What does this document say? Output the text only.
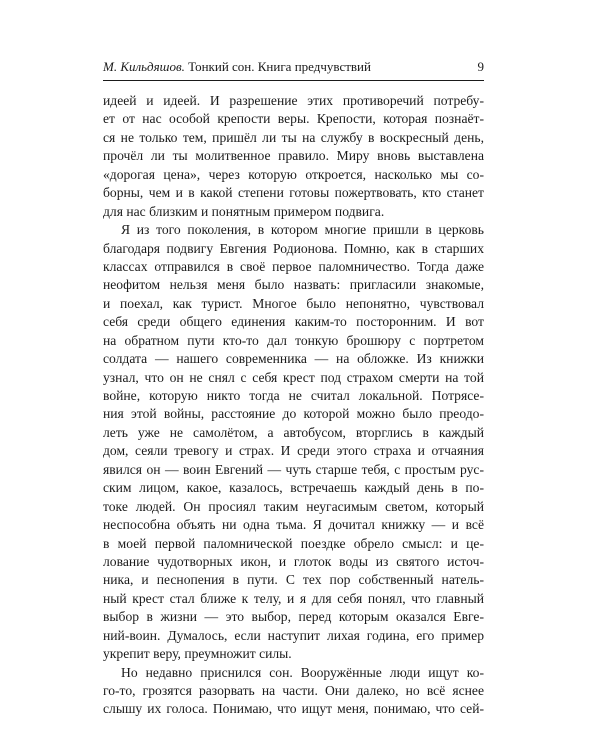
М. Кильдяшов. Тонкий сон. Книга предчувствий	9
идеей и идеей. И разрешение этих противоречий потребу-
ет от нас особой крепости веры. Крепости, которая познаёт-
ся не только тем, пришёл ли ты на службу в воскресный день,
прочёл ли ты молитвенное правило. Миру вновь выставлена
«дорогая цена», через которую откроется, насколько мы со-
борны, чем и в какой степени готовы пожертвовать, кто станет
для нас близким и понятным примером подвига.
Я из того поколения, в котором многие пришли в церковь
благодаря подвигу Евгения Родионова. Помню, как в старших
классах отправился в своё первое паломничество. Тогда даже
неофитом нельзя меня было назвать: пригласили знакомые,
и поехал, как турист. Многое было непонятно, чувствовал
себя среди общего единения каким-то посторонним. И вот
на обратном пути кто-то дал тонкую брошюру с портретом
солдата — нашего современника — на обложке. Из книжки
узнал, что он не снял с себя крест под страхом смерти на той
войне, которую никто тогда не считал локальной. Потрясе-
ния этой войны, расстояние до которой можно было преодо-
леть уже не самолётом, а автобусом, вторглись в каждый
дом, сеяли тревогу и страх. И среди этого страха и отчаяния
явился он — воин Евгений — чуть старше тебя, с простым рус-
ским лицом, какое, казалось, встречаешь каждый день в по-
токе людей. Он просиял таким неугасимым светом, который
неспособна объять ни одна тьма. Я дочитал книжку — и всё
в моей первой паломнической поездке обрело смысл: и це-
лование чудотворных икон, и глоток воды из святого источ-
ника, и песнопения в пути. С тех пор собственный натель-
ный крест стал ближе к телу, и я для себя понял, что главный
выбор в жизни — это выбор, перед которым оказался Евге-
ний-воин. Думалось, если наступит лихая година, его пример
укрепит веру, преумножит силы.
Но недавно приснился сон. Вооружённые люди ищут ко-
го-то, грозятся разорвать на части. Они далеко, но всё яснее
слышу их голоса. Понимаю, что ищут меня, понимаю, что сей-
